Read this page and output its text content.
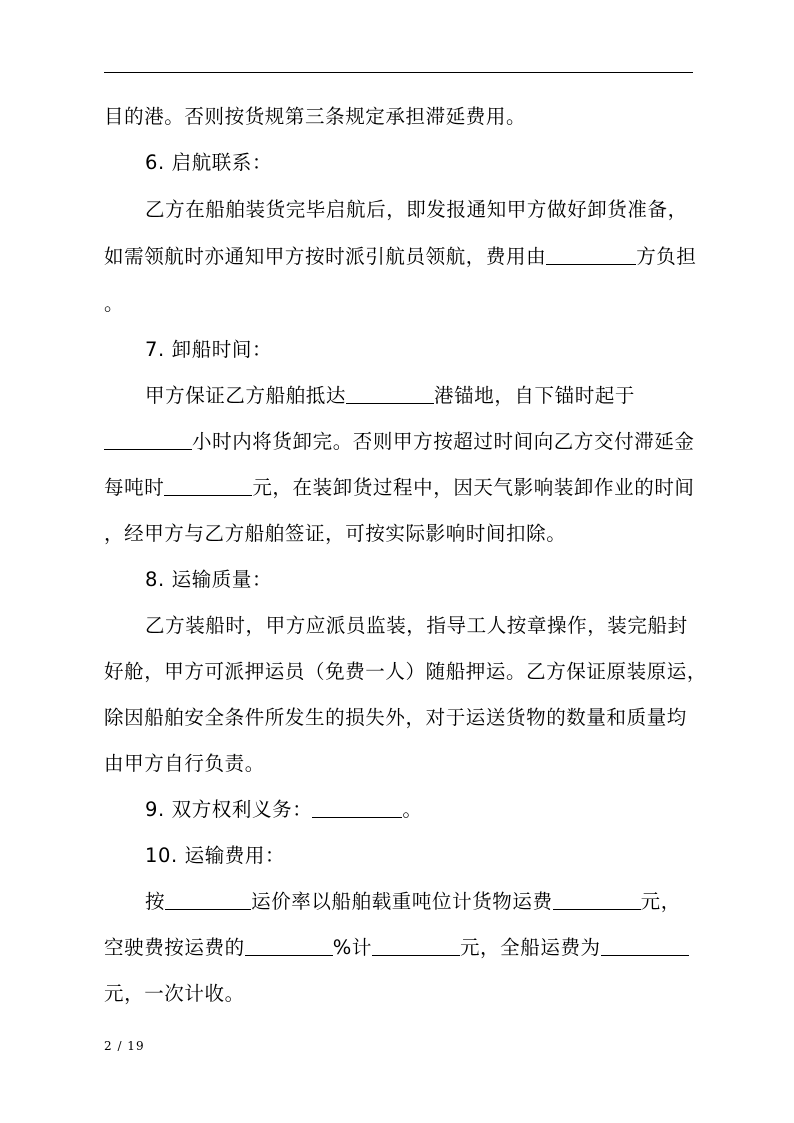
目的港。否则按货规第三条规定承担滞延费用。
6. 启航联系：
乙方在船舶装货完毕启航后，即发报通知甲方做好卸货准备，
如需领航时亦通知甲方按时派引航员领航，费用由	方负担
。
7. 卸船时间：
甲方保证乙方船舶抵达	港锚地，自下锚时起于
小时内将货卸完。否则甲方按超过时间向乙方交付滞延金
每吨时	元，在装卸货过程中，因天气影响装卸作业的时间
，经甲方与乙方船舶签证，可按实际影响时间扣除。
8. 运输质量：
乙方装船时，甲方应派员监装，指导工人按章操作，装完船封
好舱，甲方可派押运员（免费一人）随船押运。乙方保证原装原运，
除因船舶安全条件所发生的损失外，对于运送货物的数量和质量均
由甲方自行负责。
9. 双方权利义务：	。
10. 运输费用：
按	运价率以船舶载重吨位计货物运费	元，
空驶费按运费的	%计	元，全船运费为
元，一次计收。
2 / 19
